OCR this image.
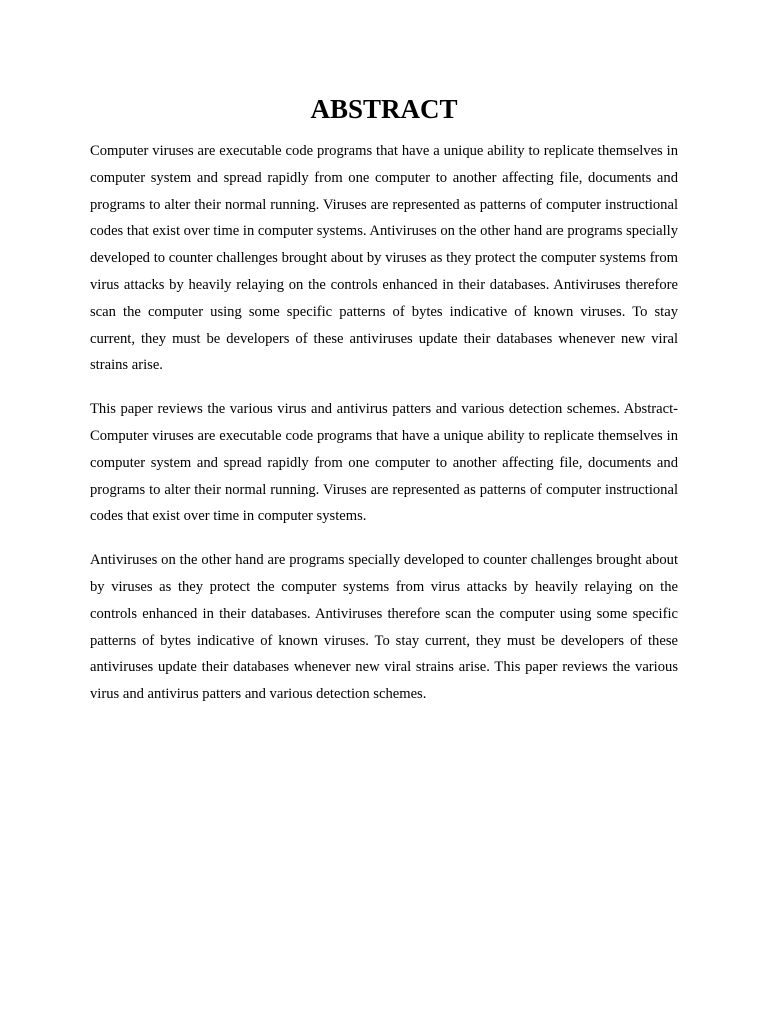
ABSTRACT

Computer viruses are executable code programs that have a unique ability to replicate themselves in computer system and spread rapidly from one computer to another affecting file, documents and programs to alter their normal running. Viruses are represented as patterns of computer instructional codes that exist over time in computer systems. Antiviruses on the other hand are programs specially developed to counter challenges brought about by viruses as they protect the computer systems from virus attacks by heavily relaying on the controls enhanced in their databases. Antiviruses therefore scan the computer using some specific patterns of bytes indicative of known viruses. To stay current, they must be developers of these antiviruses update their databases whenever new viral strains arise.

This paper reviews the various virus and antivirus patters and various detection schemes. Abstract-Computer viruses are executable code programs that have a unique ability to replicate themselves in computer system and spread rapidly from one computer to another affecting file, documents and programs to alter their normal running. Viruses are represented as patterns of computer instructional codes that exist over time in computer systems.

Antiviruses on the other hand are programs specially developed to counter challenges brought about by viruses as they protect the computer systems from virus attacks by heavily relaying on the controls enhanced in their databases. Antiviruses therefore scan the computer using some specific patterns of bytes indicative of known viruses. To stay current, they must be developers of these antiviruses update their databases whenever new viral strains arise. This paper reviews the various virus and antivirus patters and various detection schemes.
